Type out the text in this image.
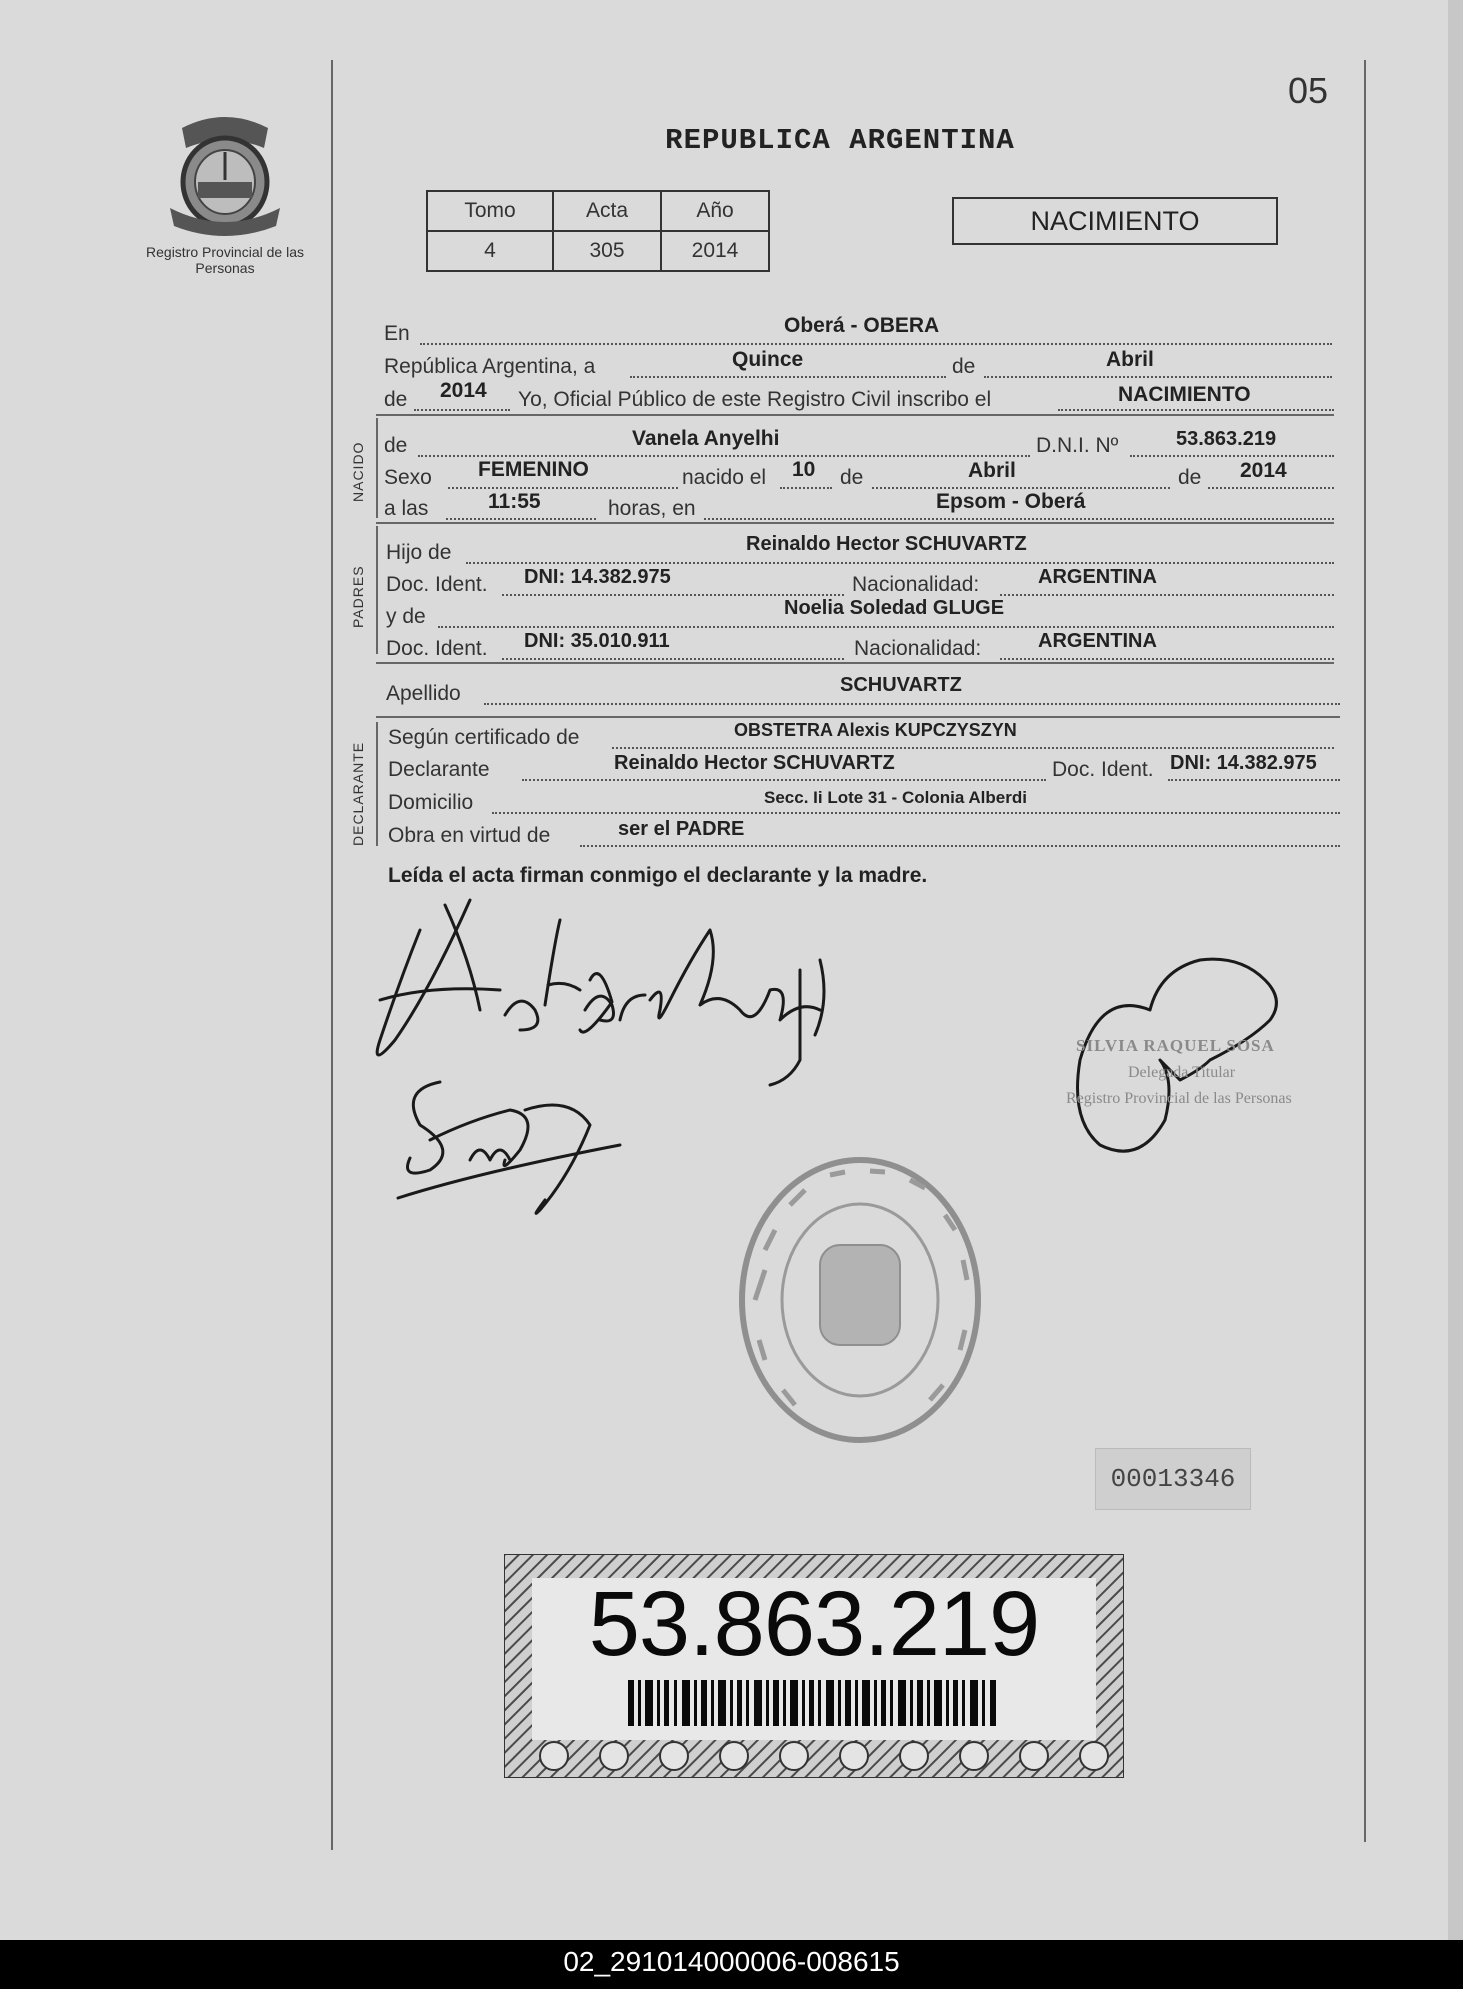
Registro Provincial de las Personas
05
REPUBLICA ARGENTINA
Tomo	Acta	Año
4	305	2014
NACIMIENTO
En	Oberá - OBERA
República Argentina, a	Quince	de	Abril
de 2014 Yo, Oficial Público de este Registro Civil inscribo el	NACIMIENTO
NACIDO de	Vanela Anyelhi	D.N.I. Nº	53.863.219
Sexo FEMENINO	nacido el 10 de	Abril	de 2014
a las	11:55	horas, en	Epsom - Oberá
PADRES
Hijo de	Reinaldo Hector SCHUVARTZ
Doc. Ident. DNI: 14.382.975	Nacionalidad:	ARGENTINA
y de	Noelia Soledad GLUGE
Doc. Ident. DNI: 35.010.911	Nacionalidad:	ARGENTINA
Apellido	SCHUVARTZ
DECLARANTE
Según certificado de	OBSTETRA Alexis KUPCZYSZYN
Declarante	Reinaldo Hector SCHUVARTZ	Doc. Ident. DNI: 14.382.975
Domicilio	Secc. Ii Lote 31 - Colonia Alberdi
Obra en virtud de	ser el PADRE
Leída el acta firman conmigo el declarante y la madre.
SILVIA RAQUEL SOSA
Delegada Titular
Registro Provincial de las Personas
00013346
53.863.219
02_291014000006-008615
